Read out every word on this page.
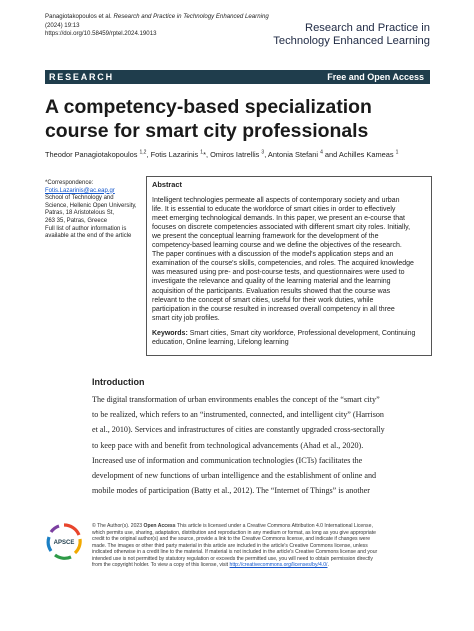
Panagiotakopoulos et al. Research and Practice in Technology Enhanced Learning
(2024) 19:13
https://doi.org/10.58459/rptel.2024.19013	Research and Practice in
Technology Enhanced Learning
RESEARCH	Free and Open Access
A competency-based specialization course for smart city professionals
Theodor Panagiotakopoulos $^{1,2}$, Fotis Lazarinis $^1$*, Omiros Iatrellis $^3$, Antonia Stefani $^4$ and Achilles Kameas $^1$
*Correspondence:
Fotis.Lazarinis@ac.eap.gr
School of Technology and
Science, Hellenic Open University,
Patras, 18 Aristotelous St,
263 35, Patras, Greece
Full list of author information is
available at the end of the article
Abstract
Intelligent technologies permeate all aspects of contemporary society and urban
life. It is essential to educate the workforce of smart cities in order to effectively
meet emerging technological demands. In this paper, we present an e-course that
focuses on discrete competencies associated with different smart city roles. Initially,
we present the conceptual learning framework for the development of the
competency-based learning course and we define the objectives of the research.
The paper continues with a discussion of the model's application steps and an
examination of the course's skills, competencies, and roles. The acquired knowledge
was measured using pre- and post-course tests, and questionnaires were used to
investigate the relevance and quality of the learning material and the learning
acquisition of the participants. Evaluation results showed that the course was
relevant to the concept of smart cities, useful for their work duties, while
participation in the course resulted in increased overall competency in all three
smart city job profiles.
Keywords: Smart cities, Smart city workforce, Professional development, Continuing
education, Online learning, Lifelong learning
Introduction
The digital transformation of urban environments enables the concept of the “smart city”
to be realized, which refers to an “instrumented, connected, and intelligent city” (Harrison
et al., 2010). Services and infrastructures of cities are constantly upgraded cross-sectorally
to keep pace with and benefit from technological advancements (Ahad et al., 2020).
Increased use of information and communication technologies (ICTs) facilitates the
development of new functions of urban intelligence and the establishment of online and
mobile modes of participation (Batty et al., 2012). The “Internet of Things” is another
APSCE
© The Author(s). 2023 Open Access This article is licensed under a Creative Commons Attribution 4.0 International License,
which permits use, sharing, adaptation, distribution and reproduction in any medium or format, as long as you give appropriate
credit to the original author(s) and the source, provide a link to the Creative Commons license, and indicate if changes were
made. The images or other third party material in this article are included in the article's Creative Commons license, unless
indicated otherwise in a credit line to the material. If material is not included in the article's Creative Commons license and your
intended use is not permitted by statutory regulation or exceeds the permitted use, you will need to obtain permission directly
from the copyright holder. To view a copy of this license, visit http://creativecommons.org/licenses/by/4.0/.
